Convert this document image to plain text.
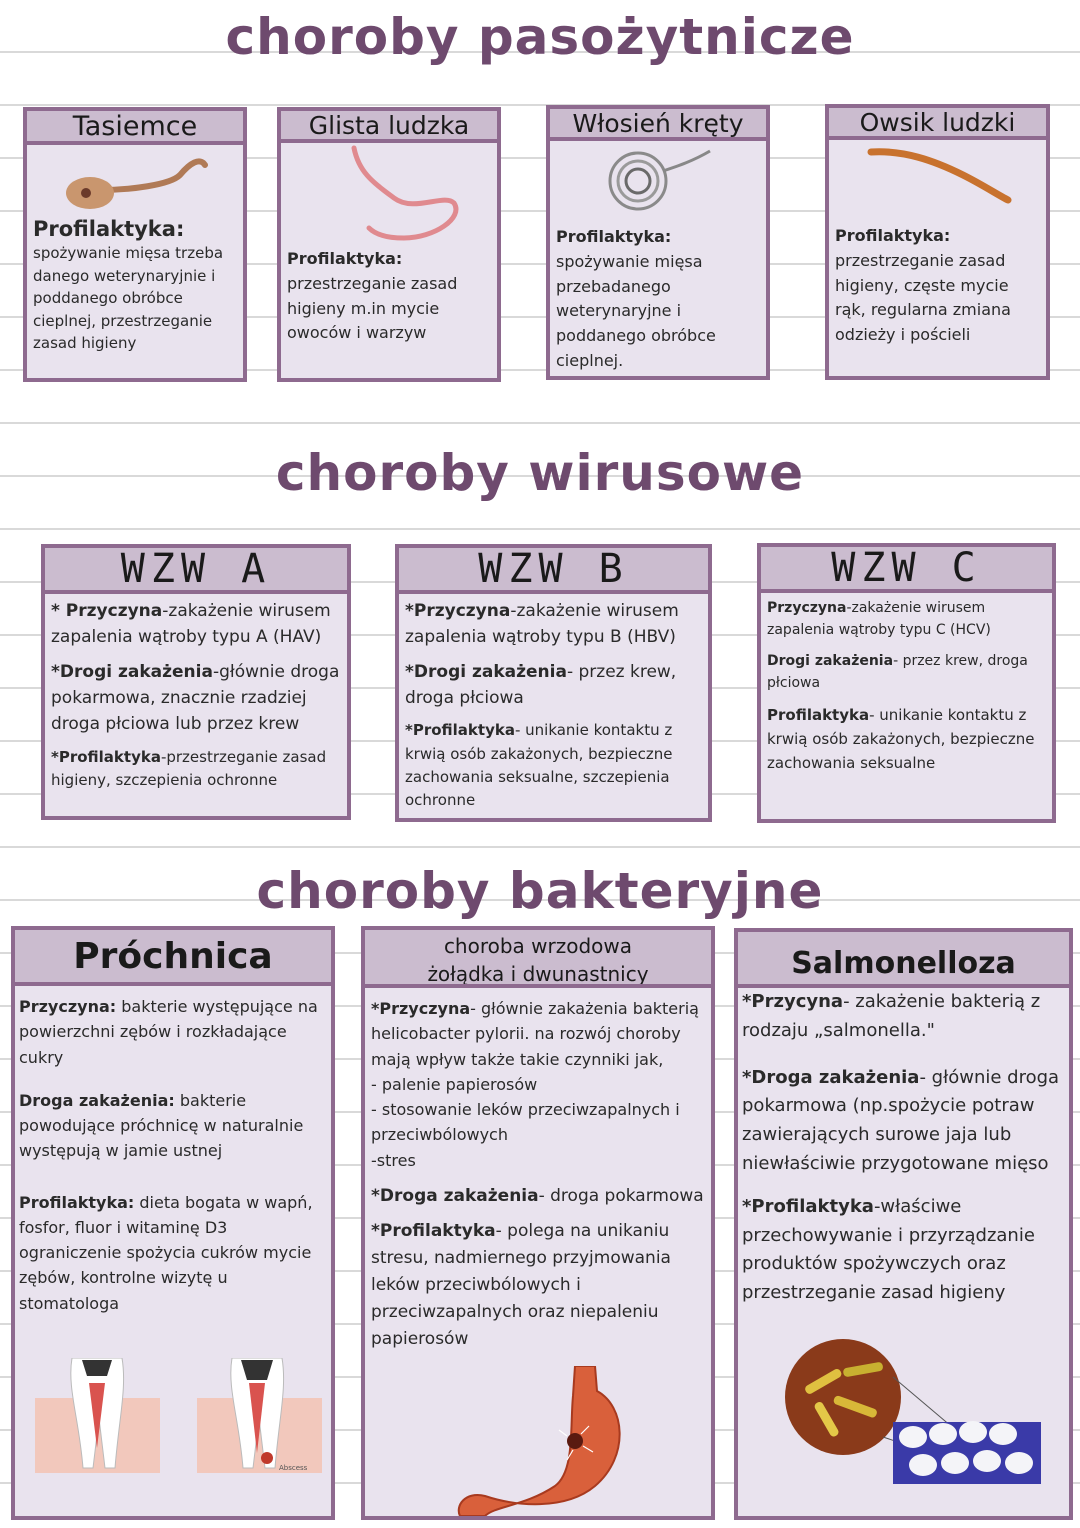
choroby pasożytnicze
Tasiemce
Profilaktyka:
spożywanie mięsa trzeba danego weterynaryjnie i poddanego obróbce cieplnej, przestrzeganie zasad higieny
Glista ludzka
Profilaktyka:
przestrzeganie zasad higieny m.in mycie owoców i warzyw
Włosień kręty
Profilaktyka:
spożywanie mięsa przebadanego weterynaryjne i poddanego obróbce cieplnej.
Owsik ludzki
Profilaktyka:
przestrzeganie zasad higieny, częste mycie rąk, regularna zmiana odzieży i pościeli
choroby wirusowe
WZW A
* Przyczyna-zakażenie wirusem zapalenia wątroby typu A (HAV)
*Drogi zakażenia-głównie droga pokarmowa, znacznie rzadziej droga płciowa lub przez krew
*Profilaktyka-przestrzeganie zasad higieny, szczepienia ochronne
WZW B
*Przyczyna-zakażenie wirusem zapalenia wątroby typu B (HBV)
*Drogi zakażenia- przez krew, droga płciowa
*Profilaktyka- unikanie kontaktu z krwią osób zakażonych, bezpieczne zachowania seksualne, szczepienia ochronne
WZW C
Przyczyna-zakażenie wirusem zapalenia wątroby typu C (HCV)
Drogi zakażenia- przez krew, droga płciowa
Profilaktyka- unikanie kontaktu z krwią osób zakażonych, bezpieczne zachowania seksualne
choroby bakteryjne
Próchnica
Przyczyna: bakterie występujące na powierzchni zębów i rozkładające cukry
Droga zakażenia: bakterie powodujące próchnicę w naturalnie występują w jamie ustnej
Profilaktyka: dieta bogata w wapń, fosfor, fluor i witaminę D3 ograniczenie spożycia cukrów mycie zębów, kontrolne wizytę u stomatologa
Abscess
choroba wrzodowa
żołądka i dwunastnicy
*Przyczyna- głównie zakażenia bakterią helicobacter pylorii. na rozwój choroby mają wpływ także takie czynniki jak,
- palenie papierosów
- stosowanie leków przeciwzapalnych i przeciwbólowych
-stres
*Droga zakażenia- droga pokarmowa
*Profilaktyka- polega na unikaniu stresu, nadmiernego przyjmowania leków przeciwbólowych i przeciwzapalnych oraz niepaleniu papierosów
Salmonelloza
*Przycyna- zakażenie bakterią z rodzaju „salmonella."
*Droga zakażenia- głównie droga pokarmowa (np.spożycie potraw zawierających surowe jaja lub niewłaściwie przygotowane mięso
*Profilaktyka-właściwe przechowywanie i przyrządzanie produktów spożywczych oraz przestrzeganie zasad higieny
